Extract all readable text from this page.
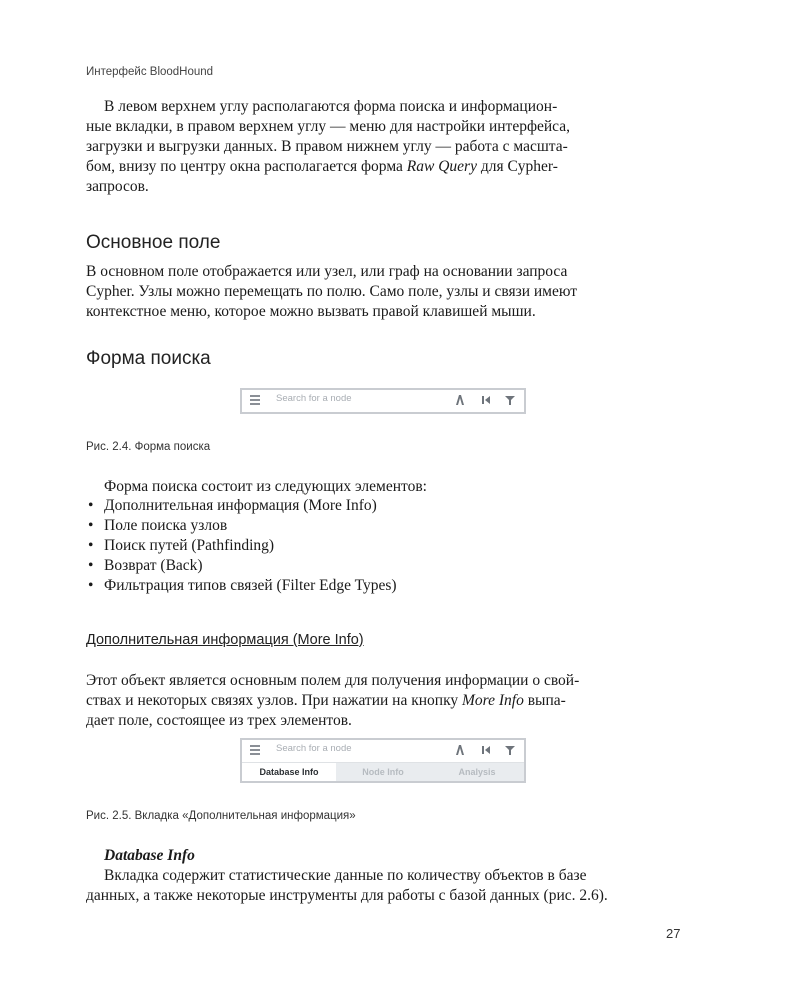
Интерфейс BloodHound

В левом верхнем углу располагаются форма поиска и информацион-
ные вкладки, в правом верхнем углу — меню для настройки интерфейса,
загрузки и выгрузки данных. В правом нижнем углу — работа с масшта-
бом, внизу по центру окна располагается форма Raw Query для Cypher-
запросов.

Основное поле

В основном поле отображается или узел, или граф на основании запроса
Cypher. Узлы можно перемещать по полю. Само поле, узлы и связи имеют
контекстное меню, которое можно вызвать правой клавишей мыши.

Форма поиска
Search for a node
Рис. 2.4. Форма поиска

Форма поиска состоит из следующих элементов:

• Дополнительная информация (More Info)
• Поле поиска узлов
• Поиск путей (Pathfinding)
• Возврат (Back)
• Фильтрация типов связей (Filter Edge Types)
Дополнительная информация (More Info)

Этот объект является основным полем для получения информации о свой-
ствах и некоторых связях узлов. При нажатии на кнопку More Info выпа-
дает поле, состоящее из трех элементов.

Search for a node
Database Info	Node Info	Analysis
Рис. 2.5. Вкладка «Дополнительная информация»

Database Info
Вкладка содержит статистические данные по количеству объектов в базе
данных, а также некоторые инструменты для работы с базой данных (рис. 2.6).

27
